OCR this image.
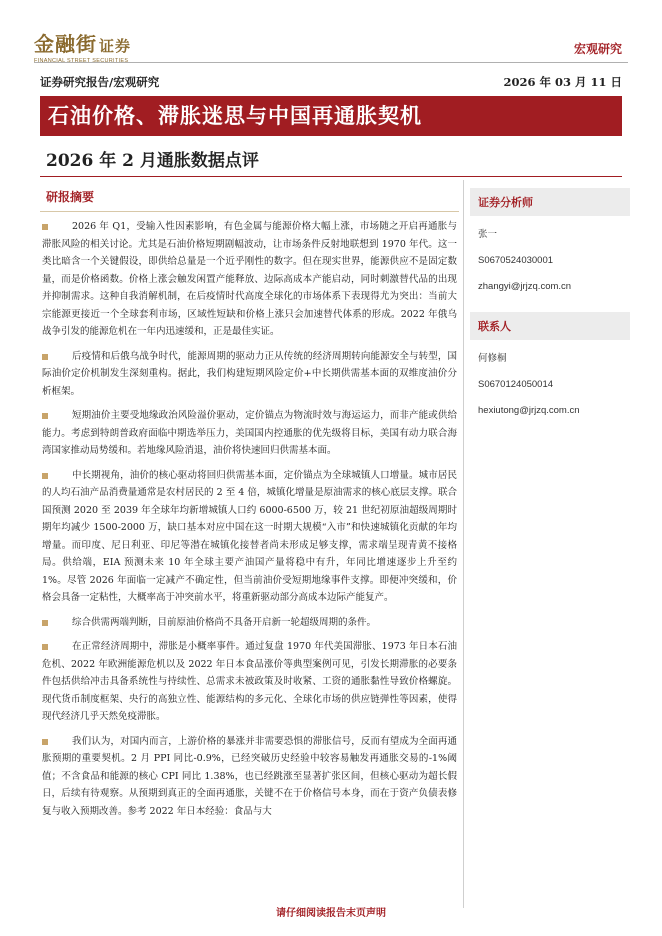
金融街 证券
FINANCIAL STREET SECURITIES
宏观研究
证券研究报告/宏观研究	2026 年 03 月 11 日
石油价格、滞胀迷思与中国再通胀契机
2026 年 2 月通胀数据点评
研报摘要
2026 年 Q1，受输入性因素影响，有色金属与能源价格大幅上涨，市场随之开启再通胀与滞胀风险的相关讨论。尤其是石油价格短期剧幅波动，让市场条件反射地联想到 1970 年代。这一类比暗含一个关键假设，即供给总量是一个近乎刚性的数字。但在现实世界，能源供应不是固定数量，而是价格函数。价格上涨会触发闲置产能释放、边际高成本产能启动，同时刺激替代品的出现并抑制需求。这种自我消解机制，在后疫情时代高度全球化的市场体系下表现得尤为突出：当前大宗能源更接近一个全球套利市场，区域性短缺和价格上涨只会加速替代体系的形成。2022 年俄乌战争引发的能源危机在一年内迅速缓和，正是最佳实证。
后疫情和后俄乌战争时代，能源周期的驱动力正从传统的经济周期转向能源安全与转型，国际油价定价机制发生深刻重构。据此，我们构建短期风险定价+中长期供需基本面的双维度油价分析框架。
短期油价主要受地缘政治风险溢价驱动，定价锚点为物流时效与海运运力，而非产能或供给能力。考虑到特朗普政府面临中期选举压力，美国国内控通胀的优先级将目标，美国有动力联合海湾国家推动局势缓和。若地缘风险消退，油价将快速回归供需基本面。
中长期视角，油价的核心驱动将回归供需基本面，定价锚点为全球城镇人口增量。城市居民的人均石油产品消费量通常是农村居民的 2 至 4 倍，城镇化增量是原油需求的核心底层支撑。联合国预测 2020 至 2039 年全球年均新增城镇人口约 6000-6500 万，较 21 世纪初原油超级周期时期年均减少 1500-2000 万，缺口基本对应中国在这一时期大规模“入市”和快速城镇化贡献的年均增量。而印度、尼日利亚、印尼等潜在城镇化接替者尚未形成足够支撑，需求端呈现青黄不接格局。供给端，EIA 预测未来 10 年全球主要产油国产量将稳中有升，年同比增速逐步上升至约 1%。尽管 2026 年面临一定减产不确定性，但当前油价受短期地缘事件支撑。即便冲突缓和，价格会具备一定粘性，大概率高于冲突前水平，将重新驱动部分高成本边际产能复产。
综合供需两端判断，目前原油价格尚不具备开启新一轮超级周期的条件。
在正常经济周期中，滞胀是小概率事件。通过复盘 1970 年代美国滞胀、1973 年日本石油危机、2022 年欧洲能源危机以及 2022 年日本食品涨价等典型案例可见，引发长期滞胀的必要条件包括供给冲击具备系统性与持续性、总需求未被政策及时收紧、工资的通胀黏性导致价格螺旋。现代货币制度框架、央行的高独立性、能源结构的多元化、全球化市场的供应链弹性等因素，使得现代经济几乎天然免疫滞胀。
我们认为，对国内而言，上游价格的暴涨并非需要恐惧的滞胀信号，反而有望成为全面再通胀预期的重要契机。2 月 PPI 同比-0.9%，已经突破历史经验中较容易触发再通胀交易的-1%阈值；不含食品和能源的核心 CPI 同比 1.38%，也已经跳涨至显著扩张区间，但核心驱动为超长假日，后续有待观察。从预期到真正的全面再通胀，关键不在于价格信号本身，而在于资产负债表修复与收入预期改善。参考 2022 年日本经验：食品与大
证券分析师
张一
S0670524030001
zhangyi@jrjzq.com.cn
联系人
何修桐
S0670124050014
hexiutong@jrjzq.com.cn
请仔细阅读报告末页声明
